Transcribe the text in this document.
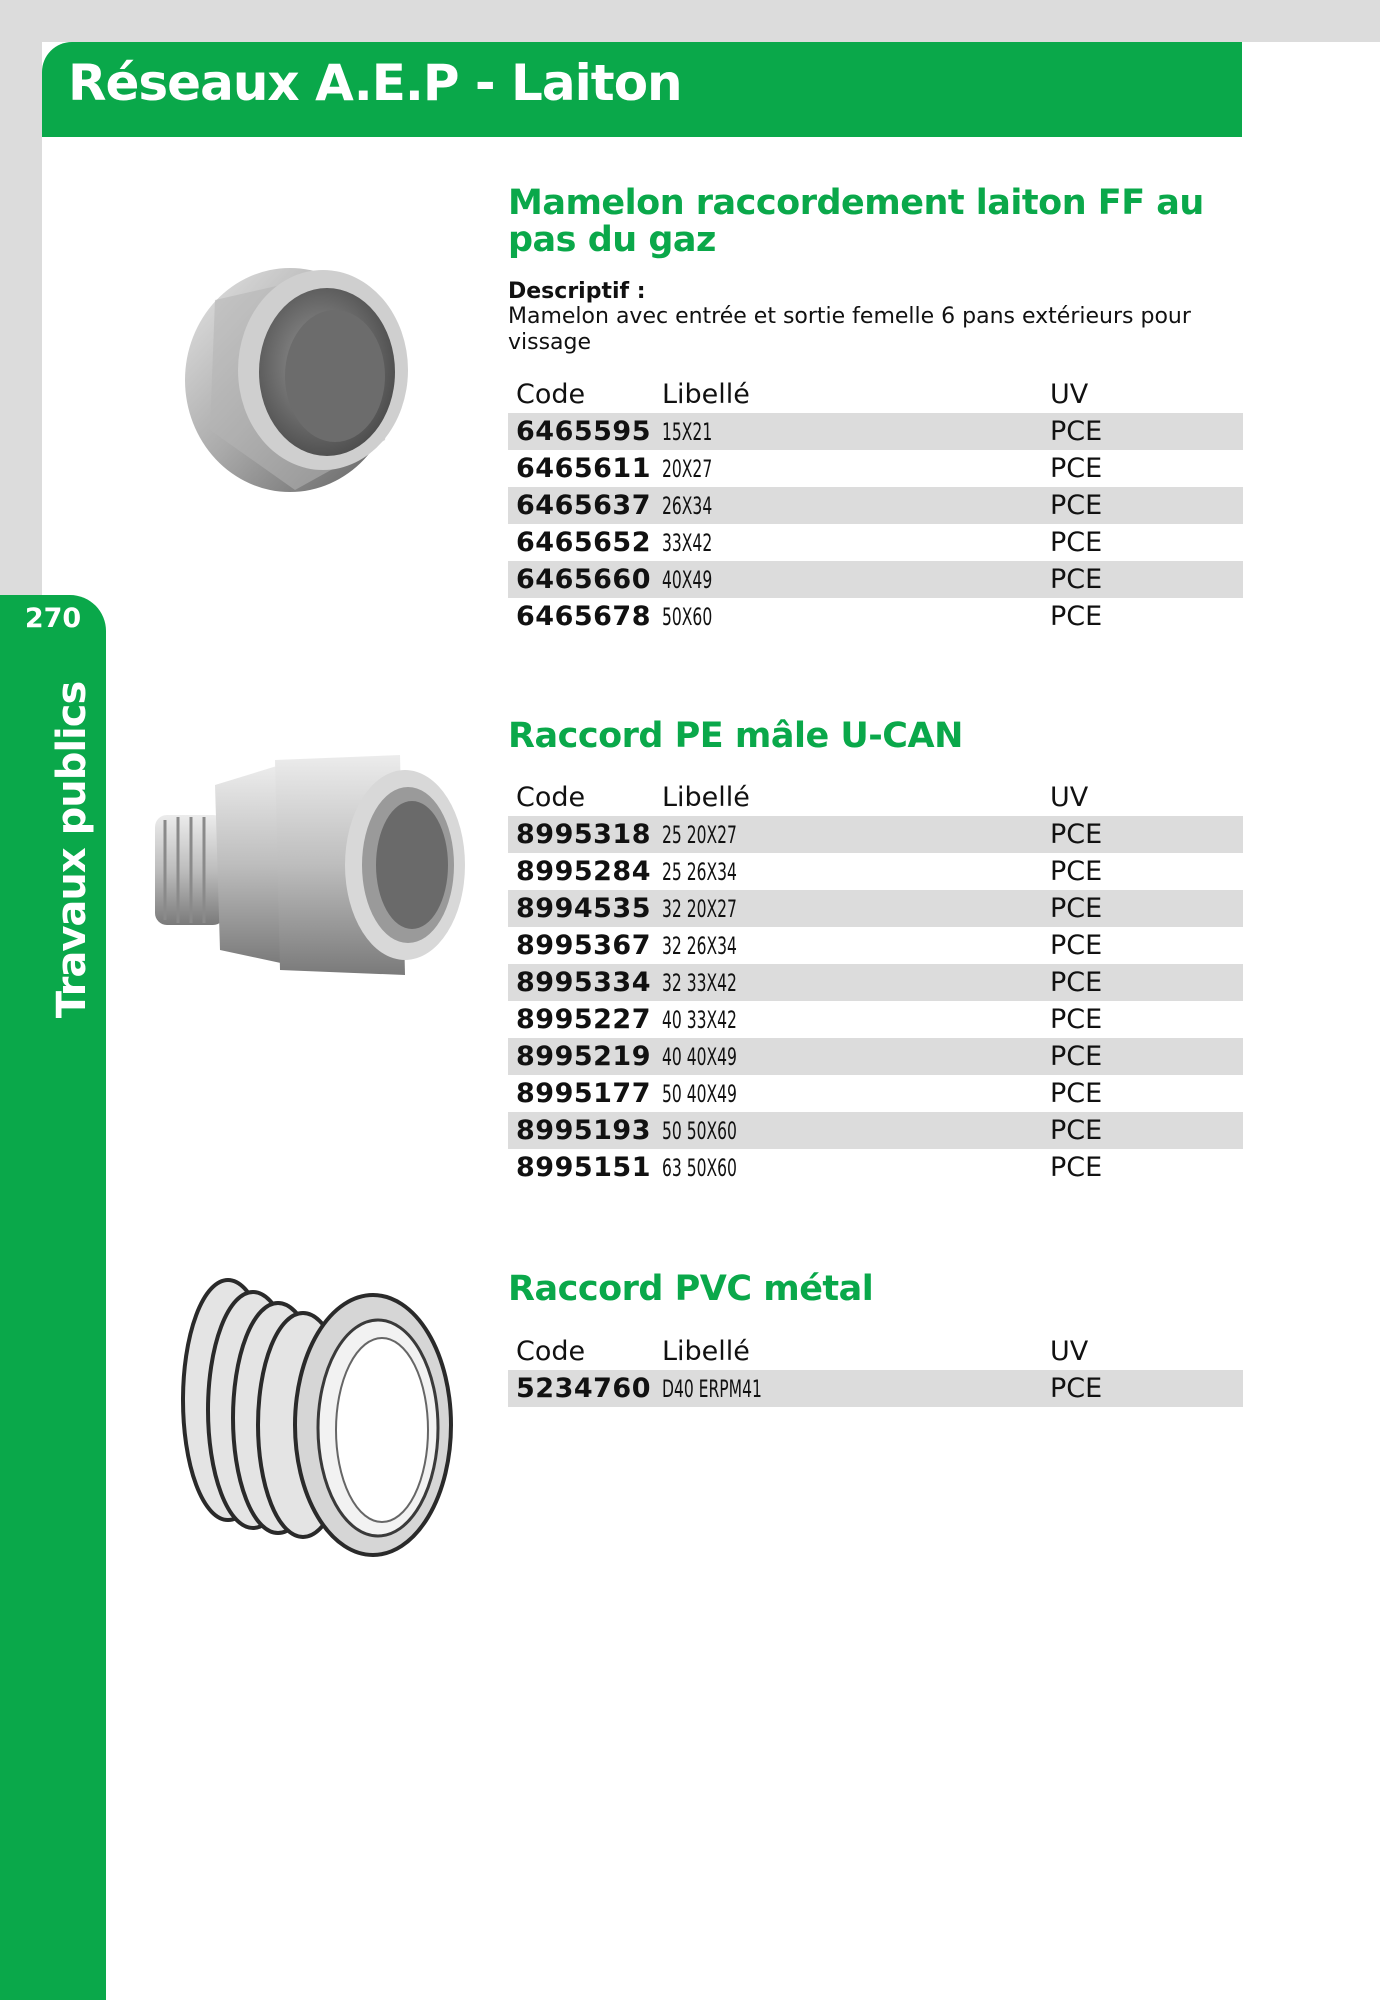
Réseaux A.E.P - Laiton
270
Travaux publics
Mamelon raccordement laiton FF au
pas du gaz
Descriptif :
Mamelon avec entrée et sortie femelle 6 pans extérieurs pour vissage
Code	Libellé	UV
6465595 15X21	PCE
6465611 20X27	PCE
6465637 26X34	PCE
6465652 33X42	PCE
6465660 40X49	PCE
6465678 50X60	PCE
Raccord PE mâle U-CAN
Code	Libellé	UV
8995318 25 20X27	PCE
8995284 25 26X34	PCE
8994535 32 20X27	PCE
8995367 32 26X34	PCE
8995334 32 33X42	PCE
8995227 40 33X42	PCE
8995219 40 40X49	PCE
8995177 50 40X49	PCE
8995193 50 50X60	PCE
8995151 63 50X60	PCE
Raccord PVC métal
Code	Libellé	UV
5234760 D40 ERPM41	PCE
